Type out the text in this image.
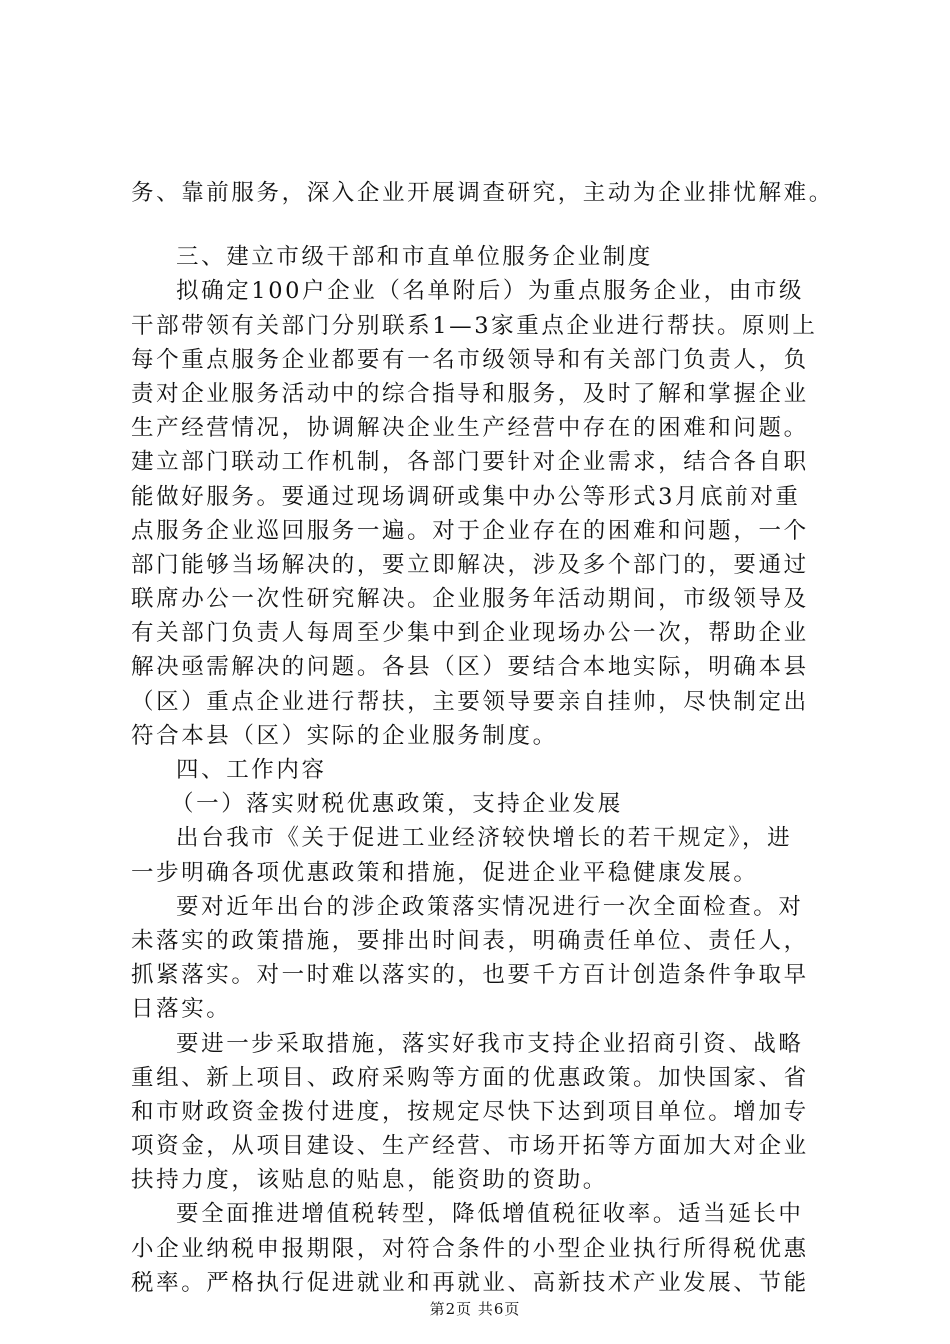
务、靠前服务，深入企业开展调查研究，主动为企业排忧解难。
三、建立市级干部和市直单位服务企业制度
拟确定100户企业（名单附后）为重点服务企业，由市级
干部带领有关部门分别联系1—3家重点企业进行帮扶。原则上
每个重点服务企业都要有一名市级领导和有关部门负责人，负
责对企业服务活动中的综合指导和服务，及时了解和掌握企业
生产经营情况，协调解决企业生产经营中存在的困难和问题。
建立部门联动工作机制，各部门要针对企业需求，结合各自职
能做好服务。要通过现场调研或集中办公等形式3月底前对重
点服务企业巡回服务一遍。对于企业存在的困难和问题，一个
部门能够当场解决的，要立即解决，涉及多个部门的，要通过
联席办公一次性研究解决。企业服务年活动期间，市级领导及
有关部门负责人每周至少集中到企业现场办公一次，帮助企业
解决亟需解决的问题。各县（区）要结合本地实际，明确本县
（区）重点企业进行帮扶，主要领导要亲自挂帅，尽快制定出
符合本县（区）实际的企业服务制度。
四、工作内容
（一）落实财税优惠政策，支持企业发展
出台我市《关于促进工业经济较快增长的若干规定》，进
一步明确各项优惠政策和措施，促进企业平稳健康发展。
要对近年出台的涉企政策落实情况进行一次全面检查。对
未落实的政策措施，要排出时间表，明确责任单位、责任人，
抓紧落实。对一时难以落实的，也要千方百计创造条件争取早
日落实。
要进一步采取措施，落实好我市支持企业招商引资、战略
重组、新上项目、政府采购等方面的优惠政策。加快国家、省
和市财政资金拨付进度，按规定尽快下达到项目单位。增加专
项资金，从项目建设、生产经营、市场开拓等方面加大对企业
扶持力度，该贴息的贴息，能资助的资助。
要全面推进增值税转型，降低增值税征收率。适当延长中
小企业纳税申报期限，对符合条件的小型企业执行所得税优惠
税率。严格执行促进就业和再就业、高新技术产业发展、节能
第2页 共6页
